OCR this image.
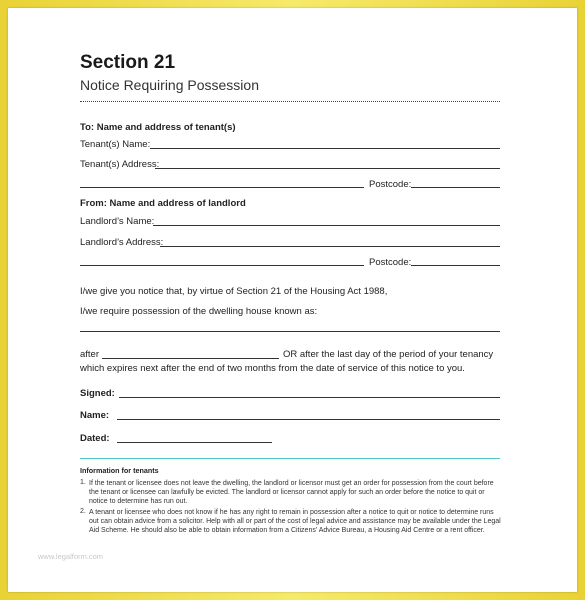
Section 21
Notice Requiring Possession
To: Name and address of tenant(s)
Tenant(s) Name:
Tenant(s) Address:
Postcode:
From: Name and address of landlord
Landlord’s Name:
Landlord’s Address:
Postcode:
I/we give you notice that, by virtue of Section 21 of the Housing Act 1988,
I/we require possession of the dwelling house known as:
after	OR after the last day of the period of your tenancy
which expires next after the end of two months from the date of service of this notice to you.
Signed:
Name:
Dated:
Information for tenants
1. If the tenant or licensee does not leave the dwelling, the landlord or licensor must get an order for possession from the court before the tenant or licensee can lawfully be evicted. The landlord or licensor cannot apply for such an order before the notice to quit or notice to determine has run out.
2. A tenant or licensee who does not know if he has any right to remain in possession after a notice to quit or notice to determine runs out can obtain advice from a solicitor. Help with all or part of the cost of legal advice and assistance may be available under the Legal Aid Scheme. He should also be able to obtain information from a Citizens’ Advice Bureau, a Housing Aid Centre or a rent officer.
www.legalform.com
